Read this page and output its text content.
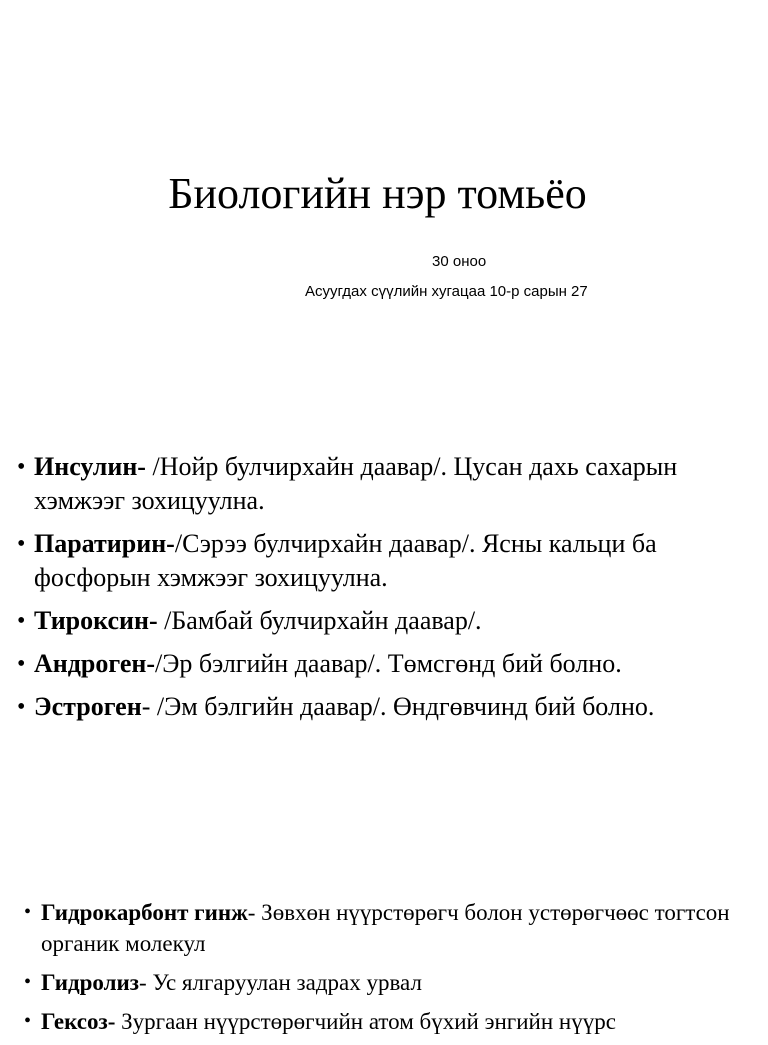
Биологийн нэр томьёо
30 оноо
Асуугдах сүүлийн хугацаа 10-р сарын 27
• Инсулин- /Нойр булчирхайн даавар/. Цусан дахь сахарын хэмжээг зохицуулна.
• Паратирин-/Сэрээ булчирхайн даавар/. Ясны кальци ба фосфорын хэмжээг зохицуулна.
• Тироксин- /Бамбай булчирхайн даавар/.
• Андроген-/Эр бэлгийн даавар/. Төмсгөнд бий болно.
• Эстроген- /Эм бэлгийн даавар/. Өндгөвчинд бий болно.
• Гидрокарбонт гинж- Зөвхөн нүүрстөрөгч болон устөрөгчөөс тогтсон органик молекул
• Гидролиз- Ус ялгаруулан задрах урвал
• Гексоз- Зургаан нүүрстөрөгчийн атом бүхий энгийн нүүрс
